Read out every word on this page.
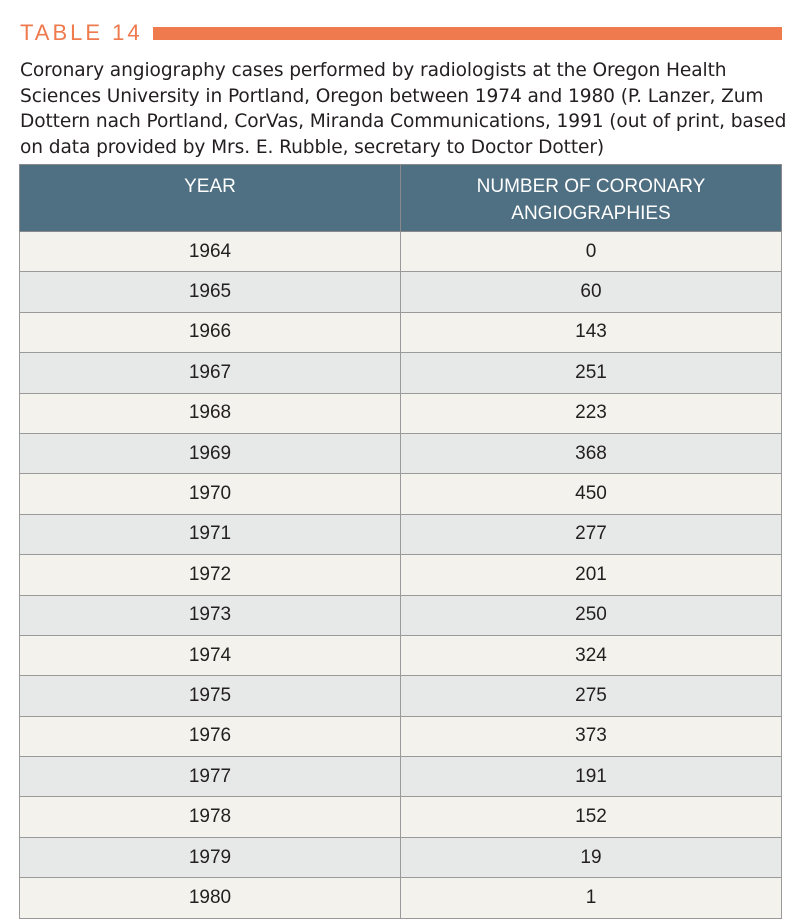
TABLE 14
Coronary angiography cases performed by radiologists at the Oregon Health Sciences University in Portland, Oregon between 1974 and 1980 (P. Lanzer, Zum Dottern nach Portland, CorVas, Miranda Communications, 1991 (out of print, based on data provided by Mrs. E. Rubble, secretary to Doctor Dotter)
YEAR	NUMBER OF CORONARY ANGIOGRAPHIES
1964	0
1965	60
1966	143
1967	251
1968	223
1969	368
1970	450
1971	277
1972	201
1973	250
1974	324
1975	275
1976	373
1977	191
1978	152
1979	19
1980	1
